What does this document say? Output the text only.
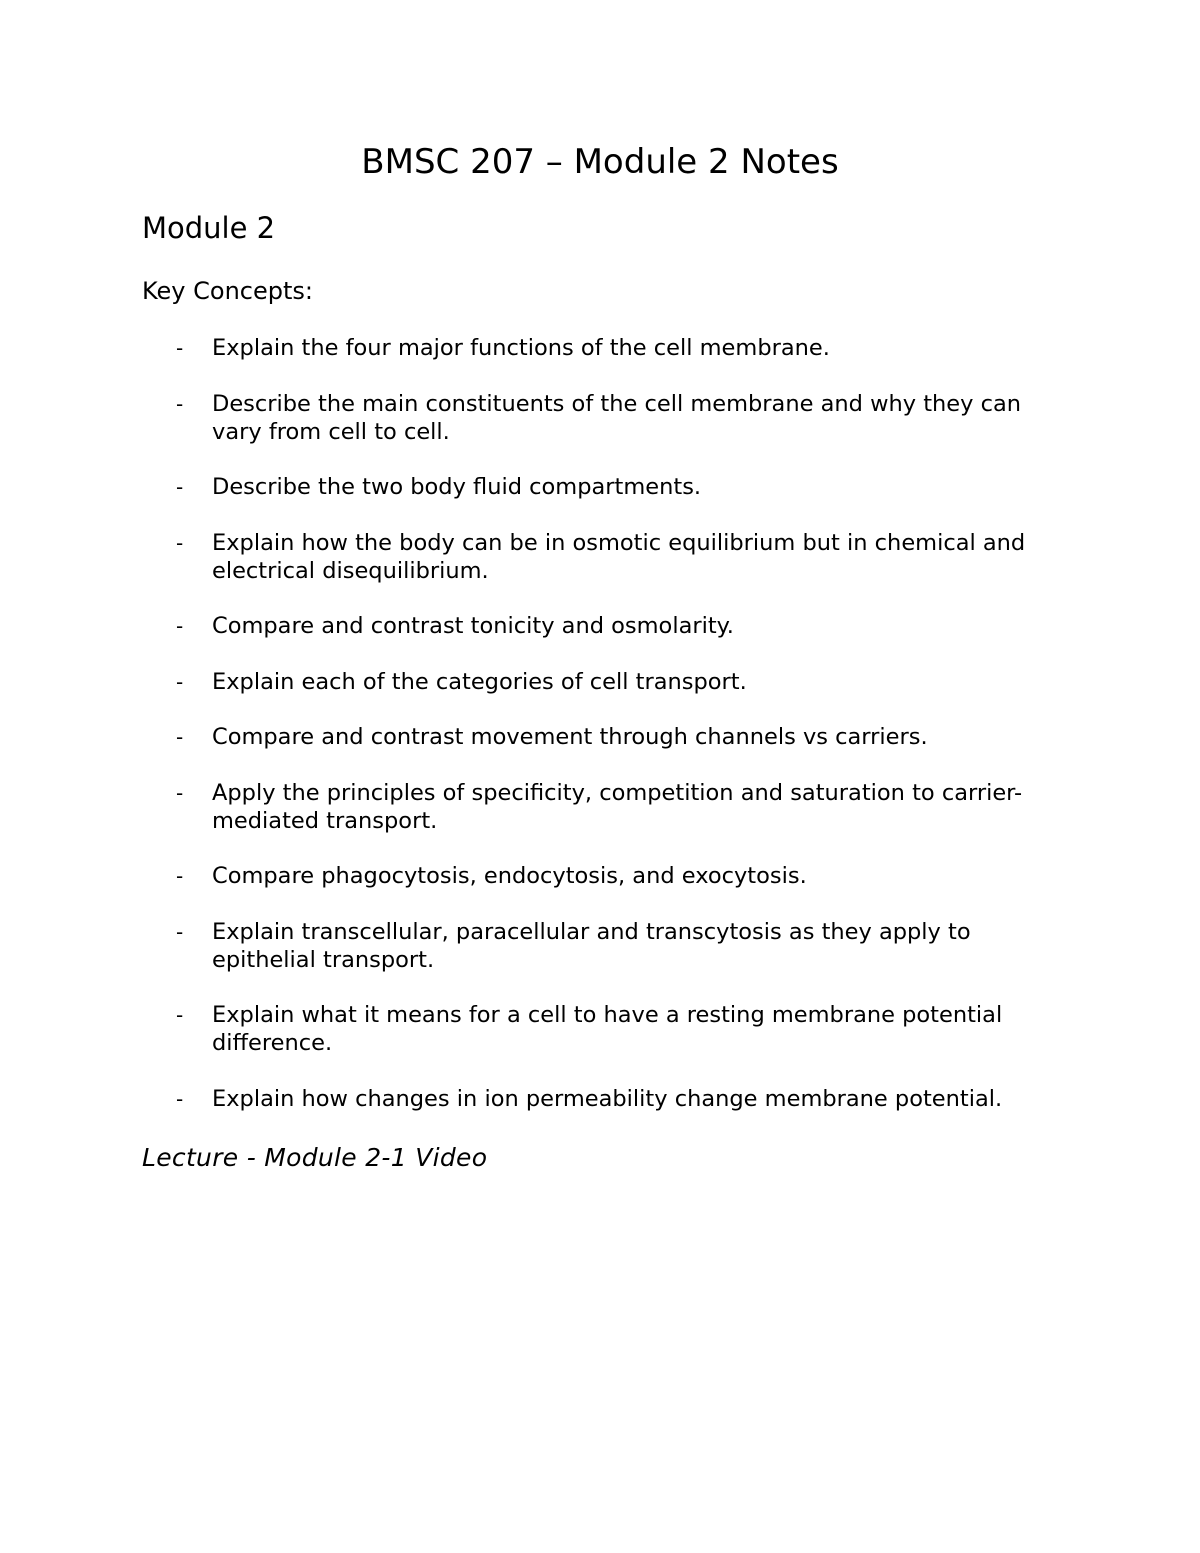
BMSC 207 – Module 2 Notes
Module 2
Key Concepts:
- Explain the four major functions of the cell membrane.
- Describe the main constituents of the cell membrane and why they can vary from cell to cell.
- Describe the two body fluid compartments.
- Explain how the body can be in osmotic equilibrium but in chemical and electrical disequilibrium.
- Compare and contrast tonicity and osmolarity.
- Explain each of the categories of cell transport.
- Compare and contrast movement through channels vs carriers.
- Apply the principles of specificity, competition and saturation to carrier-mediated transport.
- Compare phagocytosis, endocytosis, and exocytosis.
- Explain transcellular, paracellular and transcytosis as they apply to epithelial transport.
- Explain what it means for a cell to have a resting membrane potential difference.
- Explain how changes in ion permeability change membrane potential.
Lecture - Module 2-1 Video
